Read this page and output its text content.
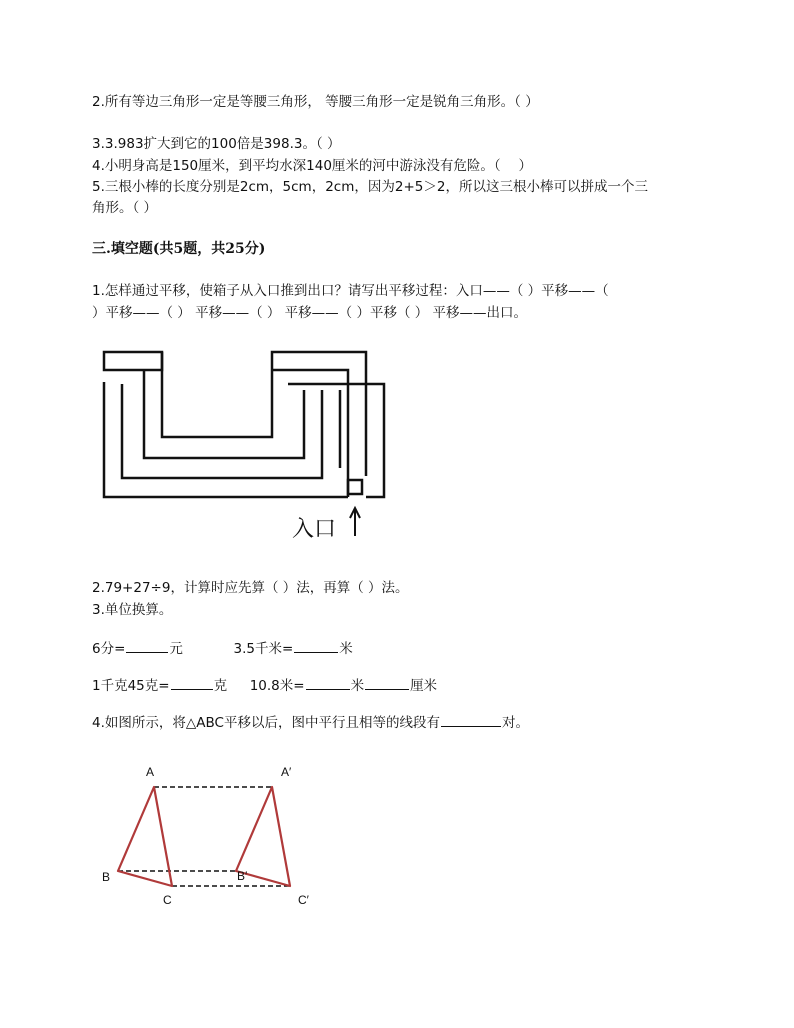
2.所有等边三角形一定是等腰三角形， 等腰三角形一定是锐角三角形。（ ）
3.3.983扩大到它的100倍是398.3。（ ）
4.小明身高是150厘米，到平均水深140厘米的河中游泳没有危险。（　 ）
5.三根小棒的长度分别是2cm，5cm，2cm，因为2+5＞2，所以这三根小棒可以拼成一个三
角形。（ ）
三.填空题(共5题，共25分)
1.怎样通过平移，使箱子从入口推到出口？请写出平移过程：入口——（ ）平移——（
）平移——（ ） 平移——（ ） 平移——（ ）平移（ ） 平移——出口。
入口
2.79+27÷9，计算时应先算（ ）法，再算（ ）法。
3.单位换算。
6分=	元	3.5千米=	米
1千克45克=	克 10.8米=	米	厘米
4.如图所示，将△ABC平移以后，图中平行且相等的线段有	对。
A	A′
B	B′
C	C′
